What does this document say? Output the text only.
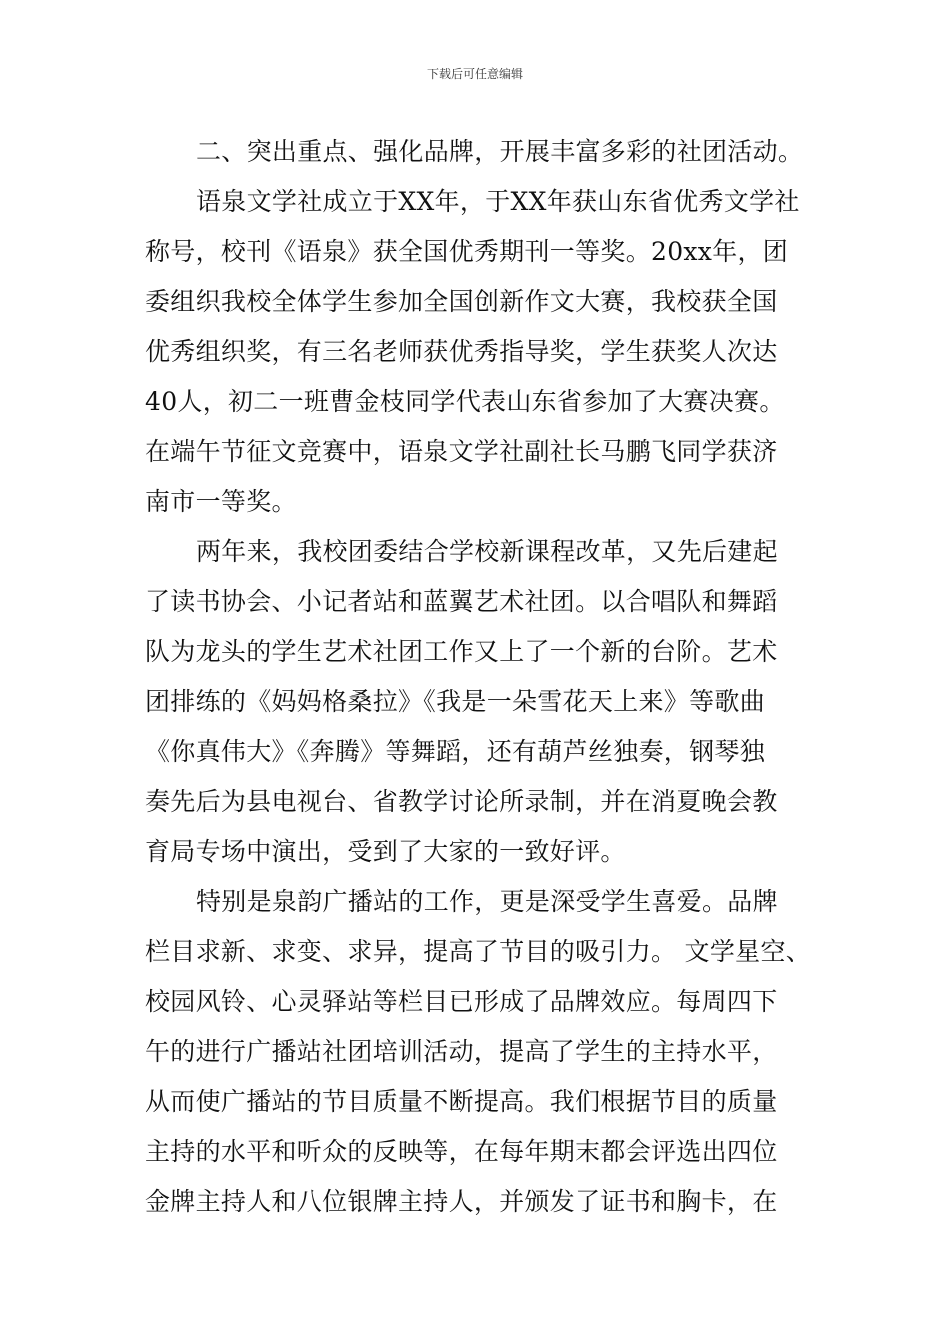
下载后可任意编辑
二、突出重点、强化品牌，开展丰富多彩的社团活动。
语泉文学社成立于XX年，于XX年获山东省优秀文学社
称号，校刊《语泉》获全国优秀期刊一等奖。20xx年，团
委组织我校全体学生参加全国创新作文大赛，我校获全国
优秀组织奖，有三名老师获优秀指导奖，学生获奖人次达
40人，初二一班曹金枝同学代表山东省参加了大赛决赛。
在端午节征文竞赛中，语泉文学社副社长马鹏飞同学获济
南市一等奖。
两年来，我校团委结合学校新课程改革，又先后建起
了读书协会、小记者站和蓝翼艺术社团。以合唱队和舞蹈
队为龙头的学生艺术社团工作又上了一个新的台阶。艺术
团排练的《妈妈格桑拉》《我是一朵雪花天上来》等歌曲
《你真伟大》《奔腾》等舞蹈，还有葫芦丝独奏，钢琴独
奏先后为县电视台、省教学讨论所录制，并在消夏晚会教
育局专场中演出，受到了大家的一致好评。
特别是泉韵广播站的工作，更是深受学生喜爱。品牌
栏目求新、求变、求异，提高了节目的吸引力。 文学星空、
校园风铃、心灵驿站等栏目已形成了品牌效应。每周四下
午的进行广播站社团培训活动，提高了学生的主持水平，
从而使广播站的节目质量不断提高。我们根据节目的质量
主持的水平和听众的反映等，在每年期末都会评选出四位
金牌主持人和八位银牌主持人，并颁发了证书和胸卡，在
